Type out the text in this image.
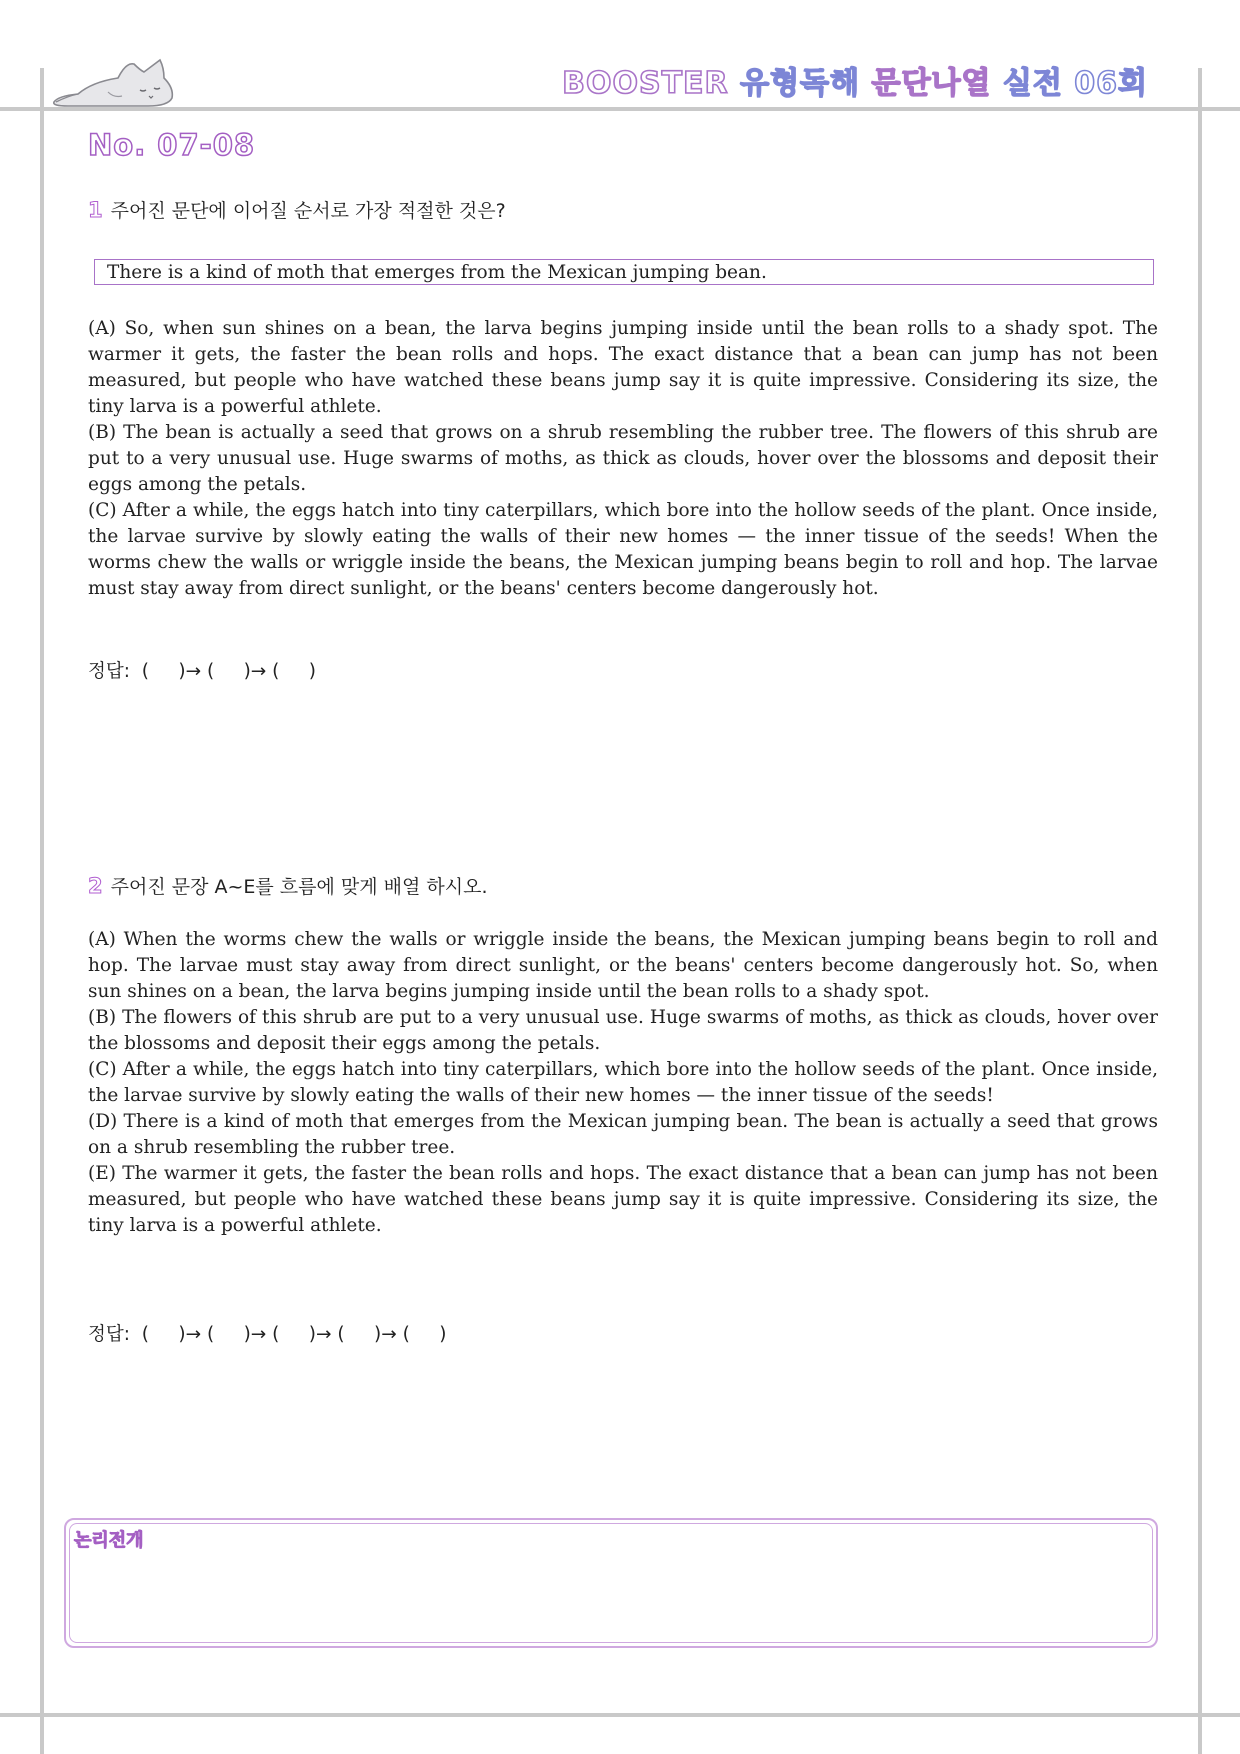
BOOSTER 유형독해 문단나열 실전 06회
No. 07-08
1 주어진 문단에 이어질 순서로 가장 적절한 것은?
There is a kind of moth that emerges from the Mexican jumping bean.

(A) So, when sun shines on a bean, the larva begins jumping inside until the bean rolls to a shady spot. The warmer it gets, the faster the bean rolls and hops. The exact distance that a bean can jump has not been measured, but people who have watched these beans jump say it is quite impressive. Considering its size, the tiny larva is a powerful athlete.

(B) The bean is actually a seed that grows on a shrub resembling the rubber tree. The flowers of this shrub are put to a very unusual use. Huge swarms of moths, as thick as clouds, hover over the blossoms and deposit their eggs among the petals.

(C) After a while, the eggs hatch into tiny caterpillars, which bore into the hollow seeds of the plant. Once inside, the larvae survive by slowly eating the walls of their new homes — the inner tissue of the seeds! When the worms chew the walls or wriggle inside the beans, the Mexican jumping beans begin to roll and hop. The larvae must stay away from direct sunlight, or the beans' centers become dangerously hot.

정답:  (     )→ (     )→ (     )
2 주어진 문장 A~E를 흐름에 맞게 배열 하시오.

(A) When the worms chew the walls or wriggle inside the beans, the Mexican jumping beans begin to roll and hop. The larvae must stay away from direct sunlight, or the beans' centers become dangerously hot. So, when sun shines on a bean, the larva begins jumping inside until the bean rolls to a shady spot.

(B) The flowers of this shrub are put to a very unusual use. Huge swarms of moths, as thick as clouds, hover over the blossoms and deposit their eggs among the petals.

(C) After a while, the eggs hatch into tiny caterpillars, which bore into the hollow seeds of the plant. Once inside, the larvae survive by slowly eating the walls of their new homes — the inner tissue of the seeds!

(D) There is a kind of moth that emerges from the Mexican jumping bean. The bean is actually a seed that grows on a shrub resembling the rubber tree.

(E) The warmer it gets, the faster the bean rolls and hops. The exact distance that a bean can jump has not been measured, but people who have watched these beans jump say it is quite impressive. Considering its size, the tiny larva is a powerful athlete.

정답:  (     )→ (     )→ (     )→ (     )→ (     )
논리전개
